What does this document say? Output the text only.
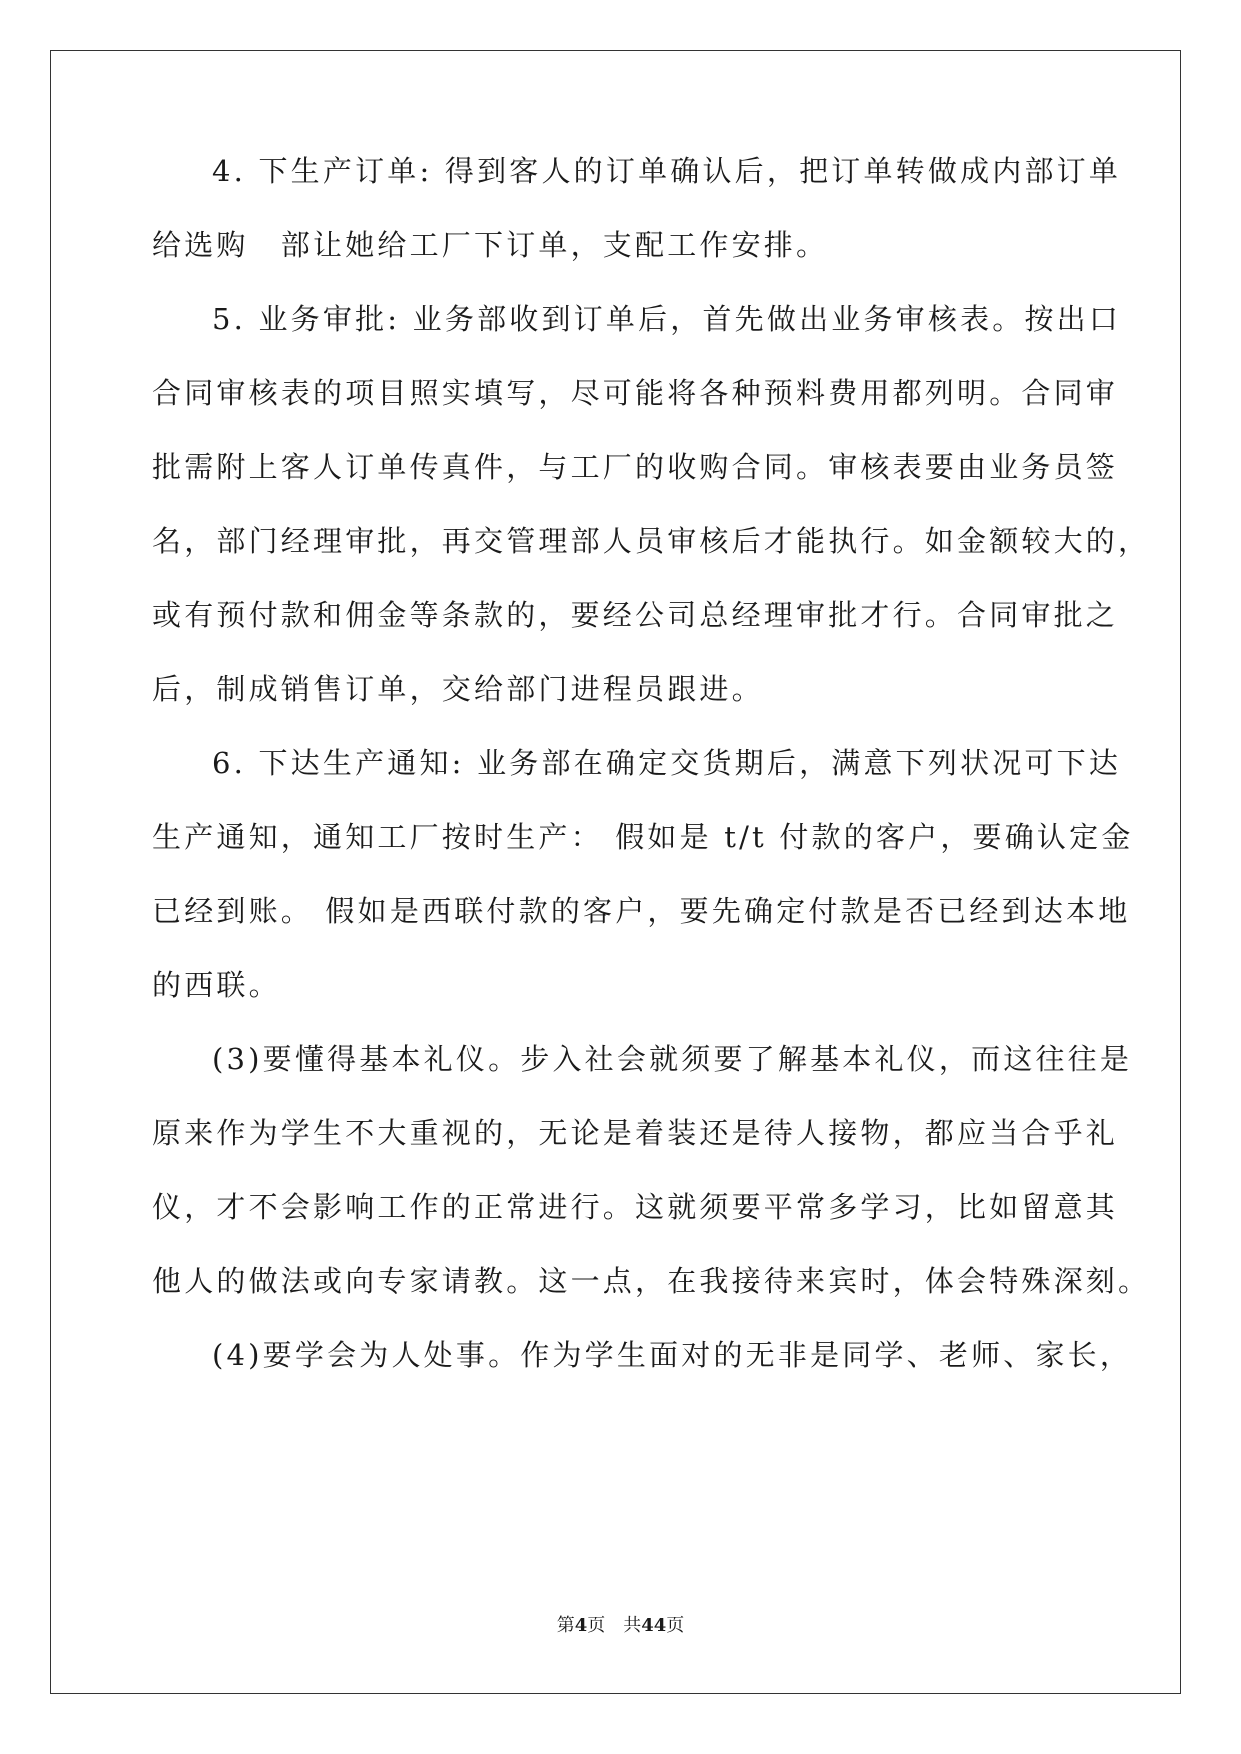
4. 下生产订单: 得到客人的订单确认后，把订单转做成内部订单
给选购　部让她给工厂下订单，支配工作安排。
5. 业务审批: 业务部收到订单后，首先做出业务审核表。按出口
合同审核表的项目照实填写，尽可能将各种预料费用都列明。合同审
批需附上客人订单传真件，与工厂的收购合同。审核表要由业务员签
名，部门经理审批，再交管理部人员审核后才能执行。如金额较大的，
或有预付款和佣金等条款的，要经公司总经理审批才行。合同审批之
后，制成销售订单，交给部门进程员跟进。
6. 下达生产通知: 业务部在确定交货期后，满意下列状况可下达
生产通知，通知工厂按时生产： 假如是 t/t 付款的客户，要确认定金
已经到账。 假如是西联付款的客户，要先确定付款是否已经到达本地
的西联。
(3)要懂得基本礼仪。步入社会就须要了解基本礼仪，而这往往是
原来作为学生不大重视的，无论是着装还是待人接物，都应当合乎礼
仪，才不会影响工作的正常进行。这就须要平常多学习，比如留意其
他人的做法或向专家请教。这一点，在我接待来宾时，体会特殊深刻。
(4)要学会为人处事。作为学生面对的无非是同学、老师、家长，
第4页　共44页
